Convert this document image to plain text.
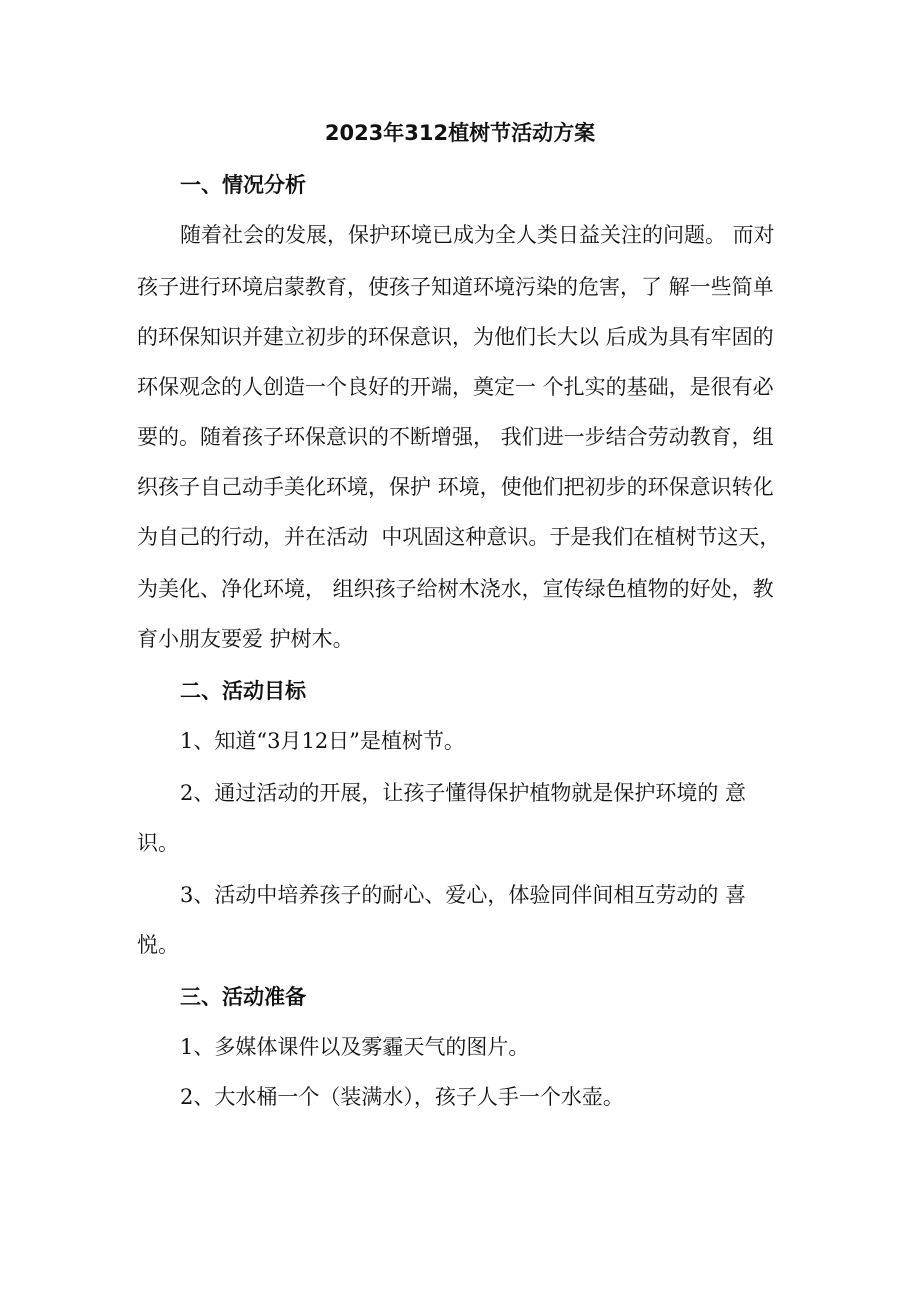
2023年312植树节活动方案
一、情况分析
随着社会的发展，保护环境已成为全人类日益关注的问题。 而对
孩子进行环境启蒙教育，使孩子知道环境污染的危害，了 解一些简单
的环保知识并建立初步的环保意识，为他们长大以 后成为具有牢固的
环保观念的人创造一个良好的开端，奠定一 个扎实的基础，是很有必
要的。随着孩子环保意识的不断增强， 我们进一步结合劳动教育，组
织孩子自己动手美化环境，保护 环境，使他们把初步的环保意识转化
为自己的行动，并在活动  中巩固这种意识。于是我们在植树节这天，
为美化、净化环境， 组织孩子给树木浇水，宣传绿色植物的好处，教
育小朋友要爱 护树木。
二、活动目标
1、知道“3月12日”是植树节。
2、通过活动的开展，让孩子懂得保护植物就是保护环境的 意
识。
3、活动中培养孩子的耐心、爱心，体验同伴间相互劳动的 喜
悦。
三、活动准备
1、多媒体课件以及雾霾天气的图片。
2、大水桶一个（装满水），孩子人手一个水壶。
